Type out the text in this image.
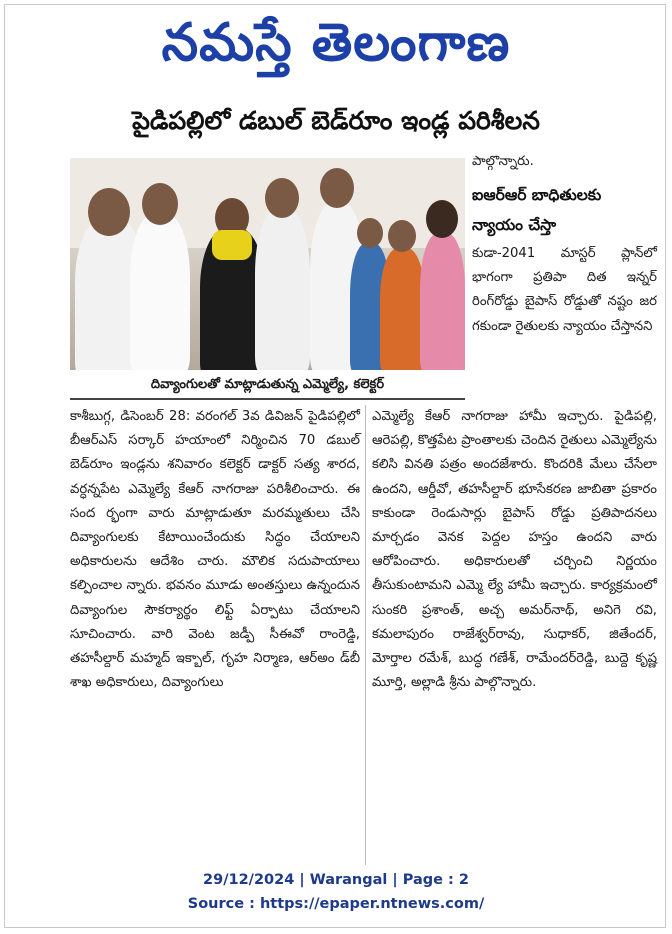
నమస్తే తెలంగాణ
పైడిపల్లిలో డబుల్ బెడ్‌రూం ఇండ్ల పరిశీలన
దివ్యాంగులతో మాట్లాడుతున్న ఎమ్మెల్యే, కలెక్టర్
పాల్గొన్నారు.
ఐఆర్‌ఆర్ బాధితులకు న్యాయం చేస్తా
కుడా-2041 మాస్టర్ ప్లాన్‌లో భాగంగా ప్రతిపా దిత ఇన్నర్ రింగ్‌రోడ్డు బైపాస్ రోడ్డుతో నష్టం జర గకుండా రైతులకు న్యాయం చేస్తానని
కాశీబుగ్గ, డిసెంబర్ 28: వరంగల్ 3వ డివిజన్ పైడిపల్లిలో బీఆర్‌ఎస్ సర్కార్ హయాంలో నిర్మించిన 70 డబుల్ బెడ్‌రూం ఇండ్లను శనివారం కలెక్టర్ డాక్టర్ సత్య శారద, వర్ధన్నపేట ఎమ్మెల్యే కేఆర్ నాగరాజు పరిశీలించారు. ఈ సంద ర్భంగా వారు మాట్లాడుతూ మరమ్మతులు చేసి దివ్యాంగులకు కేటాయించేందుకు సిద్ధం చేయాలని అధికారులను ఆదేశిం చారు. మౌలిక సదుపాయాలు కల్పించాల న్నారు. భవనం మూడు అంతస్తులు ఉన్నందున దివ్యాంగుల సౌకర్యార్థం లిఫ్ట్ ఏర్పాటు చేయాలని సూచించారు. వారి వెంట జడ్పీ సీఈవో రాంరెడ్డి, తహసీల్దార్ మహ్మద్ ఇక్బాల్, గృహ నిర్మాణ, ఆర్‌అం డ్‌బీ శాఖ అధికారులు, దివ్యాంగులు
ఎమ్మెల్యే కేఆర్ నాగరాజు హామీ ఇచ్చారు. పైడిపల్లి, ఆరెపల్లి, కొత్తపేట ప్రాంతాలకు చెందిన రైతులు ఎమ్మెల్యేను కలిసి వినతి పత్రం అందజేశారు. కొందరికి మేలు చేసేలా ఉందని, ఆర్డీవో, తహసీల్దార్ భూసేకరణ జాబితా ప్రకారం కాకుండా రెండుసార్లు బైపాస్ రోడ్డు ప్రతిపాదనలు మార్చడం వెనక పెద్దల హస్తం ఉందని వారు ఆరోపించారు. అధికారులతో చర్చించి నిర్ణయం తీసుకుంటామని ఎమ్మె ల్యే హామీ ఇచ్చారు. కార్యక్రమంలో సుంకరి ప్రశాంత్, అచ్చ అమర్‌నాథ్, అనిగె రవి, కమలాపురం రాజేశ్వర్‌రావు, సుధాకర్, జితేందర్, మోర్తాల రమేశ్, బుద్ధ గణేశ్, రామేందర్‌రెడ్డి, బుద్దె కృష్ణ మూర్తి, అల్లాడి శ్రీను పాల్గొన్నారు.
29/12/2024 | Warangal | Page : 2
Source : https://epaper.ntnews.com/
